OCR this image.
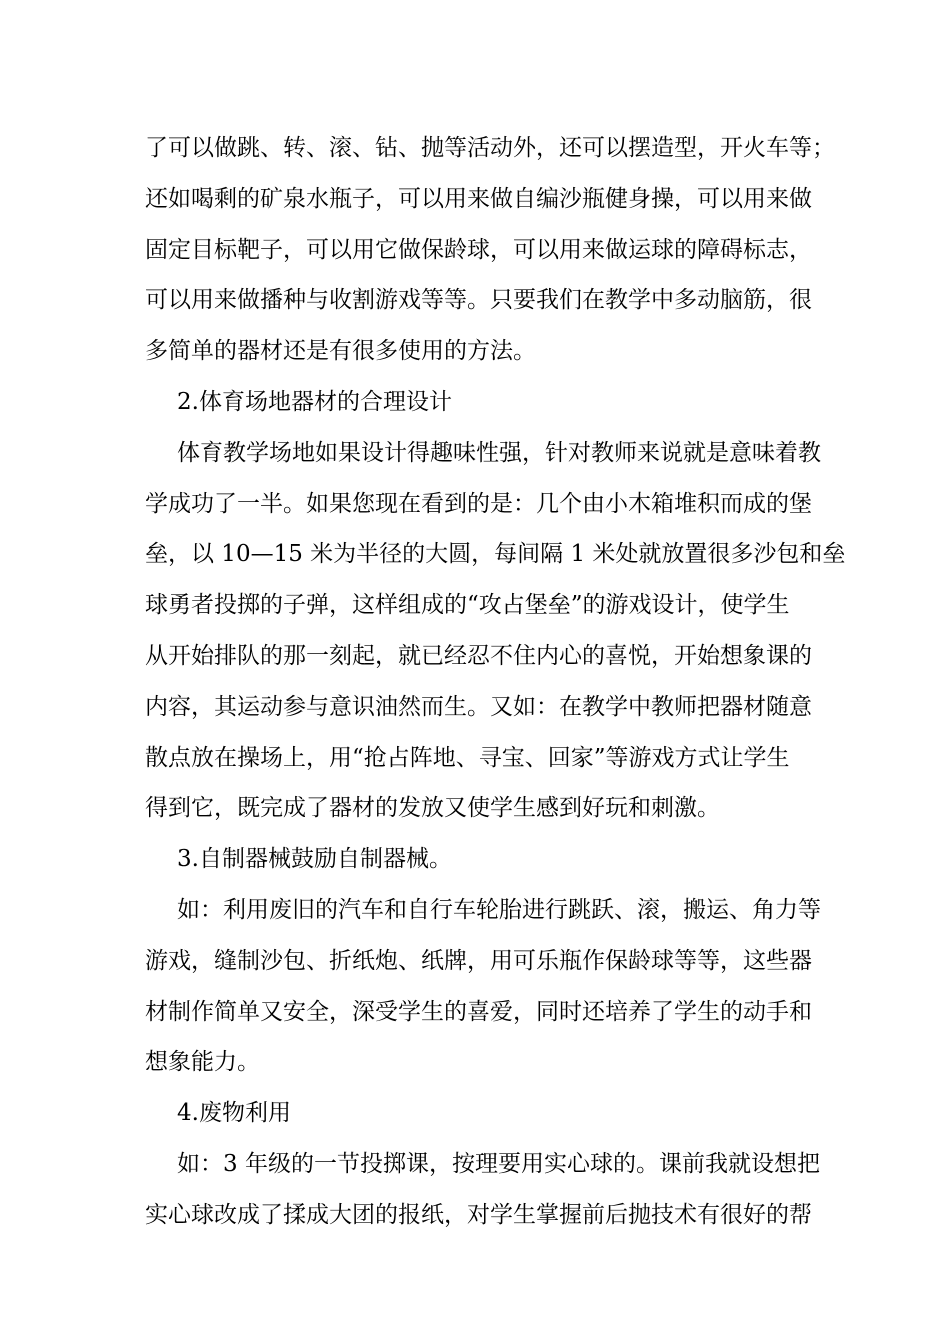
了可以做跳、转、滚、钻、抛等活动外，还可以摆造型，开火车等；
还如喝剩的矿泉水瓶子，可以用来做自编沙瓶健身操，可以用来做
固定目标靶子，可以用它做保龄球，可以用来做运球的障碍标志，
可以用来做播种与收割游戏等等。只要我们在教学中多动脑筋，很
多简单的器材还是有很多使用的方法。
2.体育场地器材的合理设计
体育教学场地如果设计得趣味性强，针对教师来说就是意味着教
学成功了一半。如果您现在看到的是：几个由小木箱堆积而成的堡
垒，以 10—15 米为半径的大圆，每间隔 1 米处就放置很多沙包和垒
球勇者投掷的子弹，这样组成的“攻占堡垒”的游戏设计，使学生
从开始排队的那一刻起，就已经忍不住内心的喜悦，开始想象课的
内容，其运动参与意识油然而生。又如：在教学中教师把器材随意
散点放在操场上，用“抢占阵地、寻宝、回家”等游戏方式让学生
得到它，既完成了器材的发放又使学生感到好玩和刺激。
3.自制器械鼓励自制器械。
如：利用废旧的汽车和自行车轮胎进行跳跃、滚，搬运、角力等
游戏，缝制沙包、折纸炮、纸牌，用可乐瓶作保龄球等等，这些器
材制作简单又安全，深受学生的喜爱，同时还培养了学生的动手和
想象能力。
4.废物利用
如：3 年级的一节投掷课，按理要用实心球的。课前我就设想把
实心球改成了揉成大团的报纸，对学生掌握前后抛技术有很好的帮
